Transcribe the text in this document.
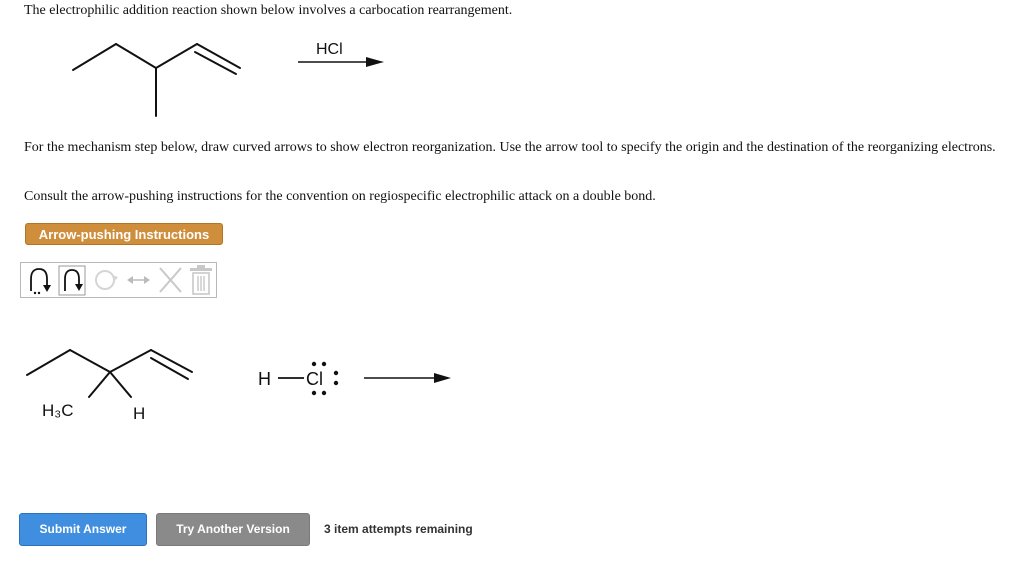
The electrophilic addition reaction shown below involves a carbocation rearrangement.
HCl
H₃C	H
H Cl
For the mechanism step below, draw curved arrows to show electron reorganization. Use the arrow tool to specify the origin and the destination of the reorganizing electrons.
Consult the arrow-pushing instructions for the convention on regiospecific electrophilic attack on a double bond.
Arrow-pushing Instructions
Submit Answer	Try Another Version	3 item attempts remaining
